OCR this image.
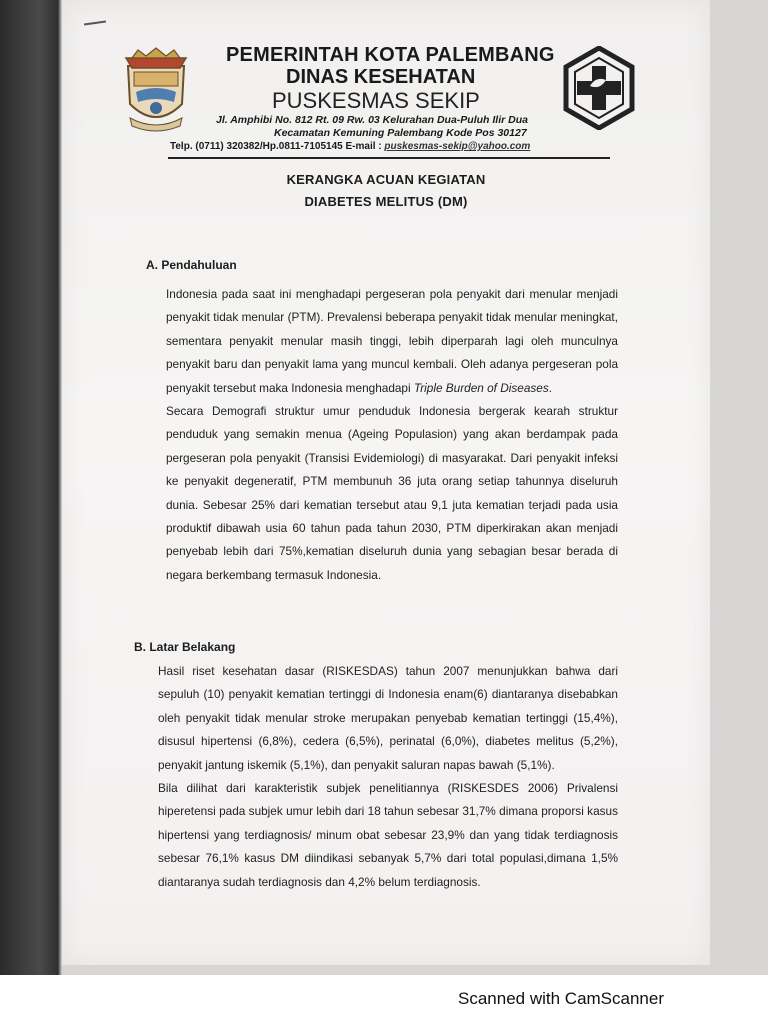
PEMERINTAH KOTA PALEMBANG
DINAS KESEHATAN
PUSKESMAS SEKIP
Jl. Amphibi No. 812 Rt. 09 Rw. 03 Kelurahan Dua-Puluh Ilir Dua
Kecamatan Kemuning Palembang Kode Pos 30127
Telp. (0711) 320382/Hp.0811-7105145 E-mail : puskesmas-sekip@yahoo.com
KERANGKA ACUAN KEGIATAN
DIABETES MELITUS (DM)
A. Pendahuluan

Indonesia pada saat ini menghadapi pergeseran pola penyakit dari menular menjadi penyakit tidak menular (PTM). Prevalensi beberapa penyakit tidak menular meningkat, sementara penyakit menular masih tinggi, lebih diperparah lagi oleh munculnya penyakit baru dan penyakit lama yang muncul kembali. Oleh adanya pergeseran pola penyakit tersebut maka Indonesia menghadapi Triple Burden of Diseases.

Secara Demografi struktur umur penduduk Indonesia bergerak kearah struktur penduduk yang semakin menua (Ageing Populasion) yang akan berdampak pada pergeseran pola penyakit (Transisi Evidemiologi) di masyarakat. Dari penyakit infeksi ke penyakit degeneratif, PTM membunuh 36 juta orang setiap tahunnya diseluruh dunia. Sebesar 25% dari kematian tersebut atau 9,1 juta kematian terjadi pada usia produktif dibawah usia 60 tahun pada tahun 2030, PTM diperkirakan akan menjadi penyebab lebih dari 75%,kematian diseluruh dunia yang sebagian besar berada di negara berkembang termasuk Indonesia.

B. Latar Belakang

Hasil riset kesehatan dasar (RISKESDAS) tahun 2007 menunjukkan bahwa dari sepuluh (10) penyakit kematian tertinggi di Indonesia enam(6) diantaranya disebabkan oleh penyakit tidak menular stroke merupakan penyebab kematian tertinggi (15,4%), disusul hipertensi (6,8%), cedera (6,5%), perinatal (6,0%), diabetes melitus (5,2%), penyakit jantung iskemik (5,1%), dan penyakit saluran napas bawah (5,1%).

Bila dilihat dari karakteristik subjek penelitiannya (RISKESDES 2006) Privalensi hiperetensi pada subjek umur lebih dari 18 tahun sebesar 31,7% dimana proporsi kasus hipertensi yang terdiagnosis/ minum obat sebesar 23,9% dan yang tidak terdiagnosis sebesar 76,1% kasus DM diindikasi sebanyak 5,7% dari total populasi,dimana 1,5% diantaranya sudah terdiagnosis dan 4,2% belum terdiagnosis.

Scanned with CamScanner
